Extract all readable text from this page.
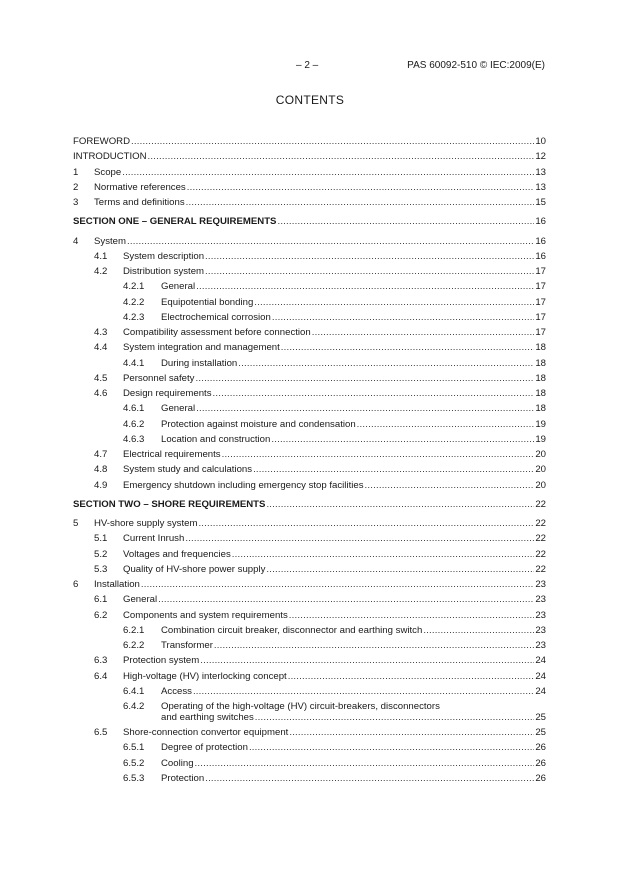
– 2 –	PAS 60092-510 © IEC:2009(E)
CONTENTS
FOREWORD .....	10
INTRODUCTION .....	12
1 Scope .....	13
2 Normative references .....	13
3 Terms and definitions .....	15
SECTION ONE – GENERAL REQUIREMENTS .....	16
4 System .....	16
4.1 System description .....	16
4.2 Distribution system .....	17
4.2.1 General .....	17
4.2.2 Equipotential bonding .....	17
4.2.3 Electrochemical corrosion .....	17
4.3 Compatibility assessment before connection .....	17
4.4 System integration and management .....	18
4.4.1 During installation .....	18
4.5 Personnel safety .....	18
4.6 Design requirements .....	18
4.6.1 General .....	18
4.6.2 Protection against moisture and condensation .....	19
4.6.3 Location and construction .....	19
4.7 Electrical requirements .....	20
4.8 System study and calculations .....	20
4.9 Emergency shutdown including emergency stop facilities .....	20
SECTION TWO – SHORE REQUIREMENTS .....	22
5 HV-shore supply system .....	22
5.1 Current Inrush .....	22
5.2 Voltages and frequencies .....	22
5.3 Quality of HV-shore power supply .....	22
6 Installation .....	23
6.1 General .....	23
6.2 Components and system requirements .....	23
6.2.1 Combination circuit breaker, disconnector and earthing switch .....	23
6.2.2 Transformer .....	23
6.3 Protection system .....	24
6.4 High-voltage (HV) interlocking concept .....	24
6.4.1 Access .....	24
6.4.2 Operating of the high-voltage (HV) circuit-breakers, disconnectors
and earthing switches .....	25
6.5 Shore-connection convertor equipment .....	25
6.5.1 Degree of protection .....	26
6.5.2 Cooling .....	26
6.5.3 Protection .....	26
